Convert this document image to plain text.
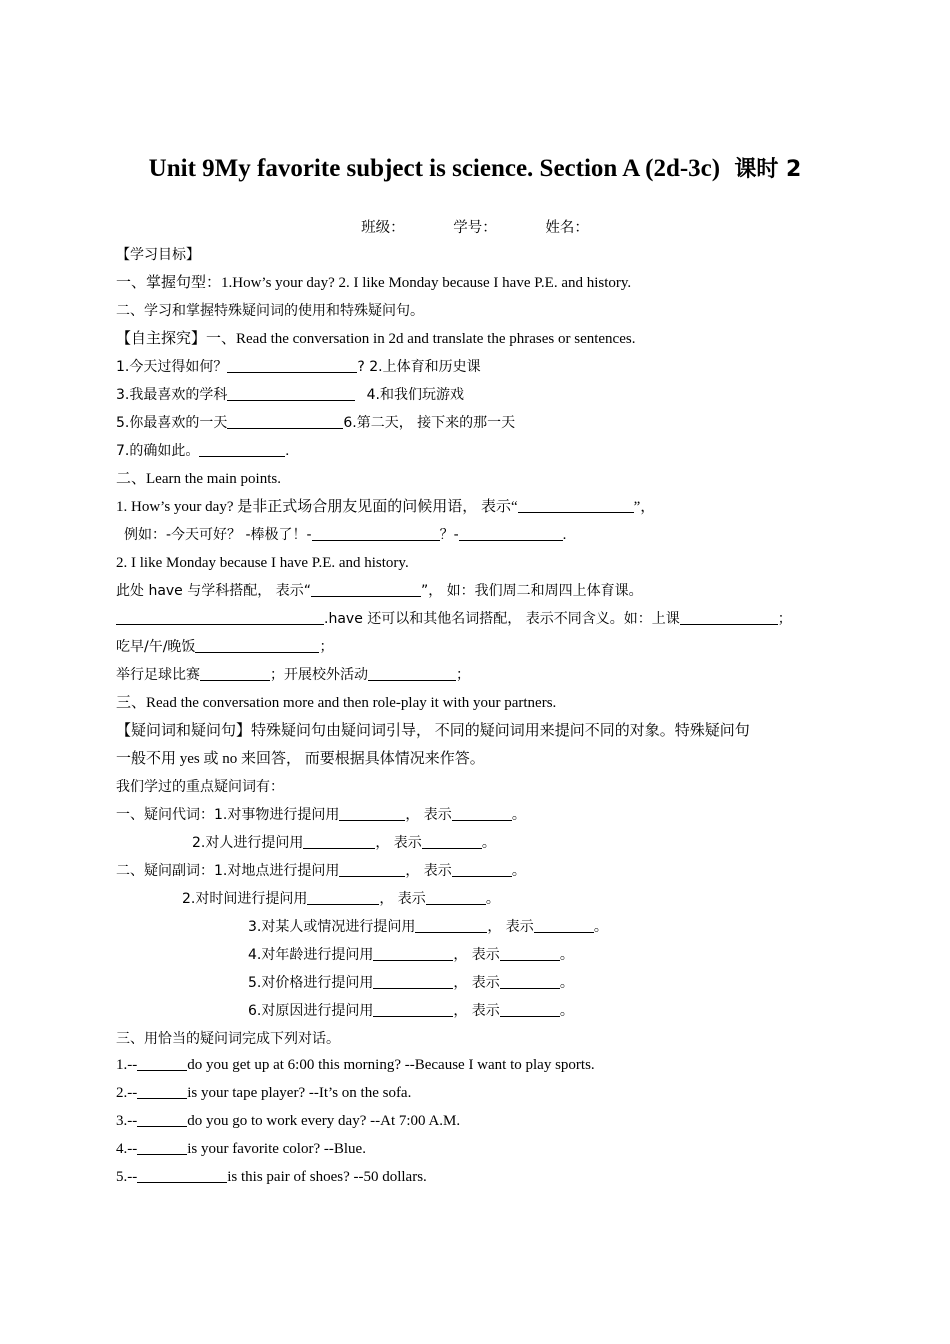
Unit 9My favorite subject is science. Section A (2d-3c) 课时 2
班级：	学号：	姓名：
【学习目标】
一、掌握句型：1.How’s your day? 2. I like Monday because I have P.E. and history.
二、学习和掌握特殊疑问词的使用和特殊疑问句。
【自主探究】一、Read the conversation in 2d and translate the phrases or sentences.
1.今天过得如何？	? 2.上体育和历史课
3.我最喜欢的学科	4.和我们玩游戏
5.你最喜欢的一天	6.第二天， 接下来的那一天
7.的确如此。	.
二、Learn the main points.
1. How’s your day? 是非正式场合朋友见面的问候用语， 表示“	”，
例如：-今天可好？ -棒极了！-	？-	.
2. I like Monday because I have P.E. and history.
此处 have 与学科搭配， 表示“	”， 如：我们周二和周四上体育课。
.have 还可以和其他名词搭配， 表示不同含义。如：上课	；
吃早/午/晚饭	；
举行足球比赛	；开展校外活动	；
三、Read the conversation more and then role-play it with your partners.
【疑问词和疑问句】特殊疑问句由疑问词引导， 不同的疑问词用来提问不同的对象。特殊疑问句
一般不用 yes 或 no 来回答， 而要根据具体情况来作答。
我们学过的重点疑问词有：
一、疑问代词：1.对事物进行提问用	， 表示	。
2.对人进行提问用	， 表示	。
二、疑问副词：1.对地点进行提问用	， 表示	。
2.对时间进行提问用	， 表示	。
3.对某人或情况进行提问用	， 表示	。
4.对年龄进行提问用	， 表示	。
5.对价格进行提问用	， 表示	。
6.对原因进行提问用	， 表示	。
三、用恰当的疑问词完成下列对话。
1.--	do you get up at 6:00 this morning? --Because I want to play sports.
2.--	is your tape player? --It’s on the sofa.
3.--	do you go to work every day? --At 7:00 A.M.
4.--	is your favorite color? --Blue.
5.--	is this pair of shoes? --50 dollars.
